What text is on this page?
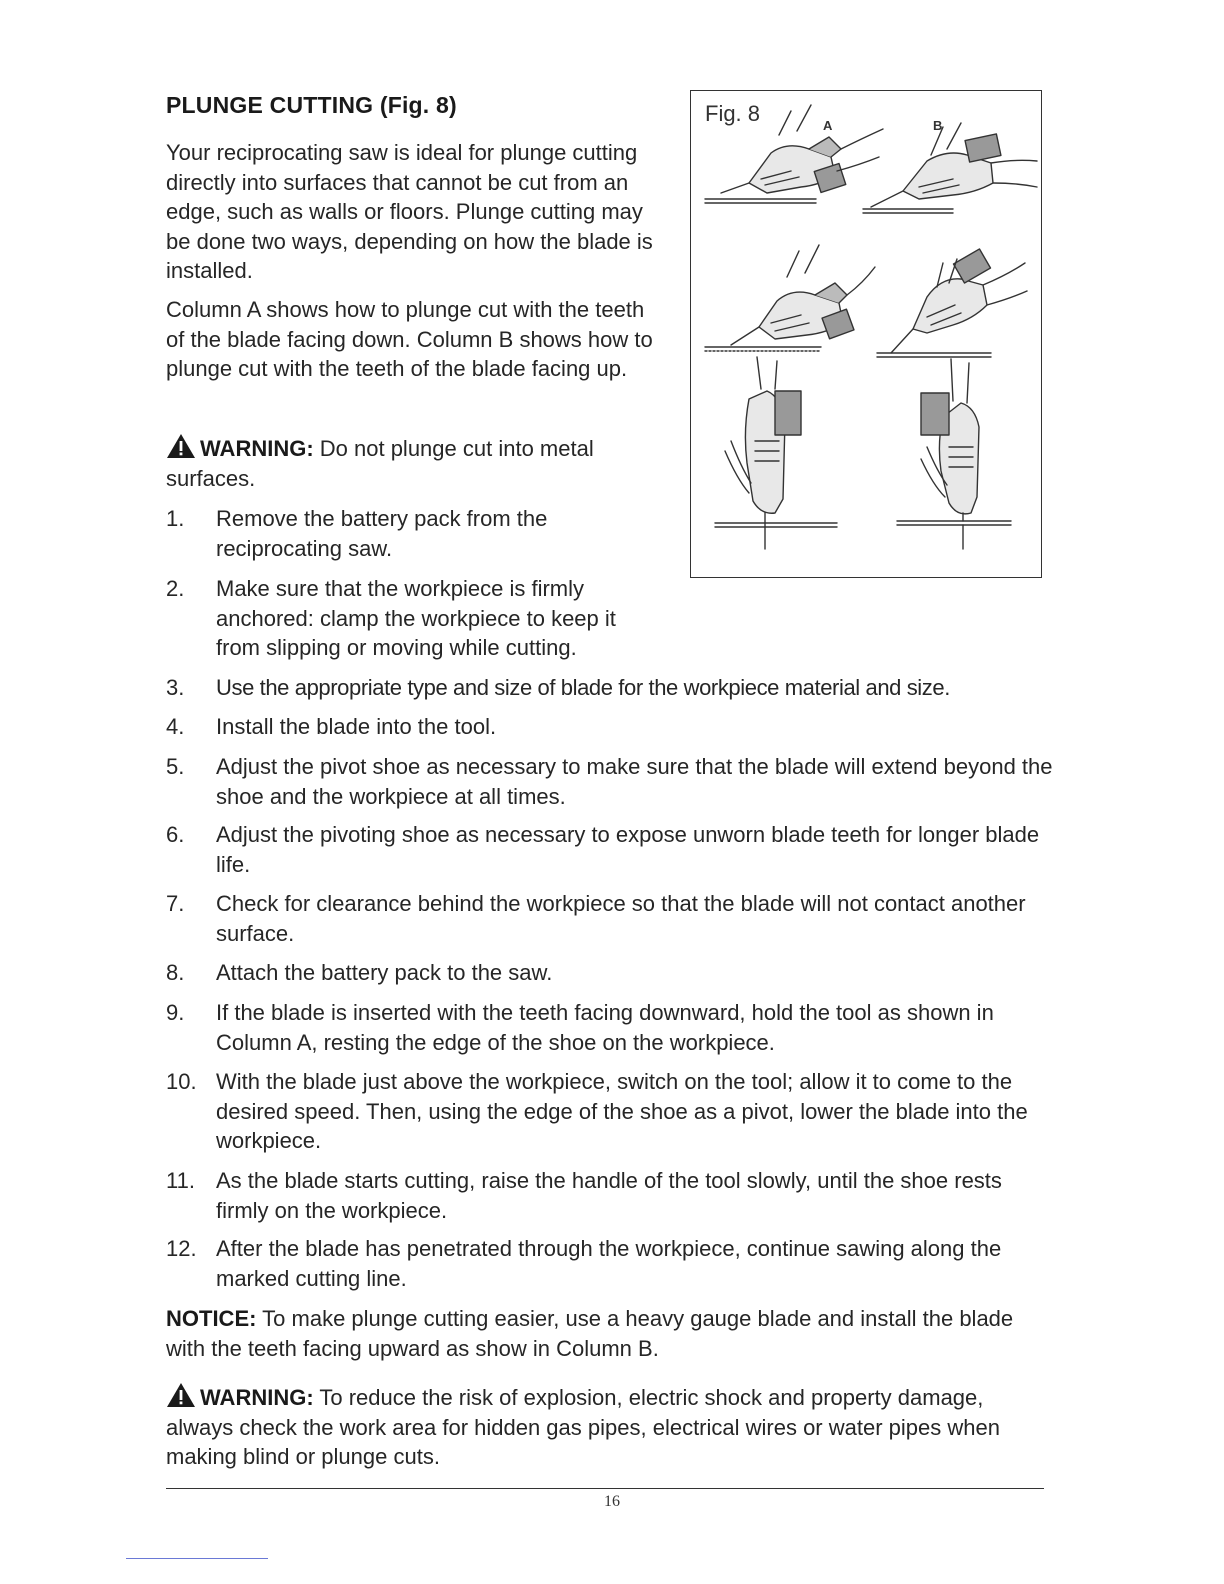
PLUNGE CUTTING (Fig. 8)

Your reciprocating saw is ideal for plunge cutting directly into surfaces that cannot be cut from an edge, such as walls or floors. Plunge cutting may be done two ways, depending on how the blade is installed.

Column A shows how to plunge cut with the teeth of the blade facing down. Column B shows how to plunge cut with the teeth of the blade facing up.

WARNING: Do not plunge cut into metal surfaces.

1.	Remove the battery pack from the reciprocating saw.
2.	Make sure that the workpiece is firmly anchored: clamp the workpiece to keep it from slipping or moving while cutting.
3.	Use the appropriate type and size of blade for the workpiece material and size.
4.	Install the blade into the tool.
5.	Adjust the pivot shoe as necessary to make sure that the blade will extend beyond the shoe and the workpiece at all times.
6.	Adjust the pivoting shoe as necessary to expose unworn blade teeth for longer blade life.
7.	Check for clearance behind the workpiece so that the blade will not contact another surface.
8.	Attach the battery pack to the saw.
9.	If the blade is inserted with the teeth facing downward, hold the tool as shown in Column A, resting the edge of the shoe on the workpiece.
10. With the blade just above the workpiece, switch on the tool; allow it to come to the desired speed. Then, using the edge of the shoe as a pivot, lower the blade into the workpiece.
11. As the blade starts cutting, raise the handle of the tool slowly, until the shoe rests firmly on the workpiece.
12. After the blade has penetrated through the workpiece, continue sawing along the marked cutting line.

NOTICE: To make plunge cutting easier, use a heavy gauge blade and install the blade with the teeth facing upward as show in Column B.

WARNING: To reduce the risk of explosion, electric shock and property damage, always check the work area for hidden gas pipes, electrical wires or water pipes when making blind or plunge cuts.

Fig. 8	A	B
16
